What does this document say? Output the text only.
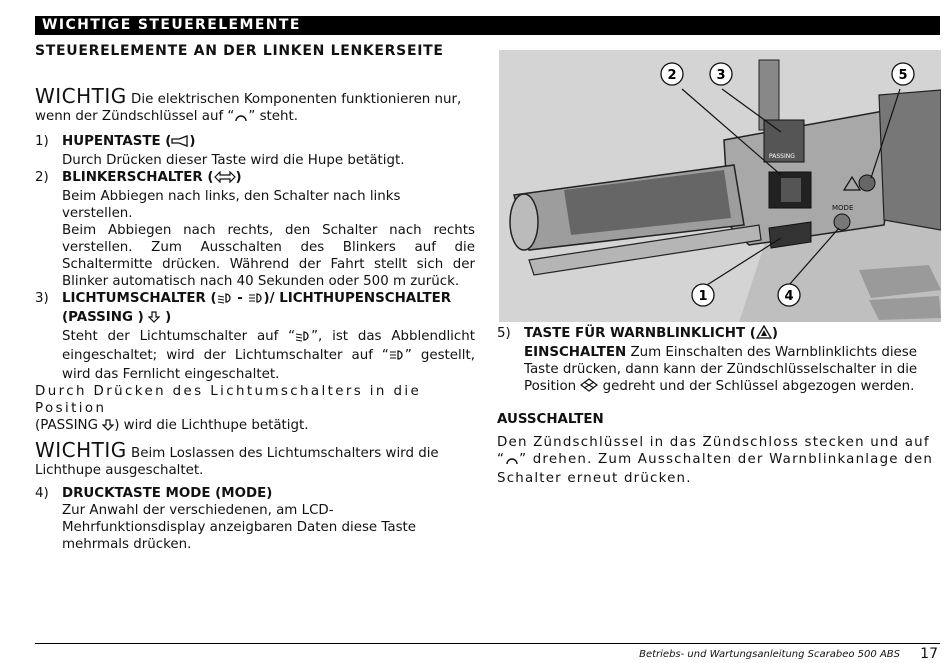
WICHTIGE STEUERELEMENTE
STEUERELEMENTE AN DER LINKEN LENKERSEITE

WICHTIG Die elektrischen Komponenten funktionieren nur, wenn der Zündschlüssel auf “ ” steht.

1) HUPENTASTE ( )
Durch Drücken dieser Taste wird die Hupe betätigt.
2) BLINKERSCHALTER ( )
Beim Abbiegen nach links, den Schalter nach links verstellen.
Beim Abbiegen nach rechts, den Schalter nach rechts verstellen. Zum Ausschalten des Blinkers auf die Schaltermitte drücken. Während der Fahrt stellt sich der Blinker automatisch nach 40 Sekunden oder 500 m zurück.
3) LICHTUMSCHALTER ( - )/ LICHTHUPENSCHALTER (PASSING ) )
Steht der Lichtumschalter auf “ ”, ist das Abblendlicht eingeschaltet; wird der Lichtumschalter auf “ ” gestellt, wird das Fernlicht eingeschaltet.
Durch Drücken des Lichtumschalters in die Position
(PASSING ) wird die Lichthupe betätigt.

WICHTIG Beim Loslassen des Lichtumschalters wird die Lichthupe ausgeschaltet.

4) DRUCKTASTE MODE (MODE)
Zur Anwahl der verschiedenen, am LCD-Mehrfunktionsdisplay anzeigbaren Daten diese Taste mehrmals drücken.
PASSING
MODE
2	3	5
1	4
5) TASTE FÜR WARNBLINKLICHT ( )
EINSCHALTEN Zum Einschalten des Warnblinklichts diese Taste drücken, dann kann der Zündschlüsselschalter in die Position  gedreht und der Schlüssel abgezogen werden.
AUSSCHALTEN
Den Zündschlüssel in das Zündschloss stecken und auf “ ” drehen. Zum Ausschalten der Warnblinkanlage den Schalter erneut drücken.
Betriebs- und Wartungsanleitung Scarabeo 500 ABS 17
